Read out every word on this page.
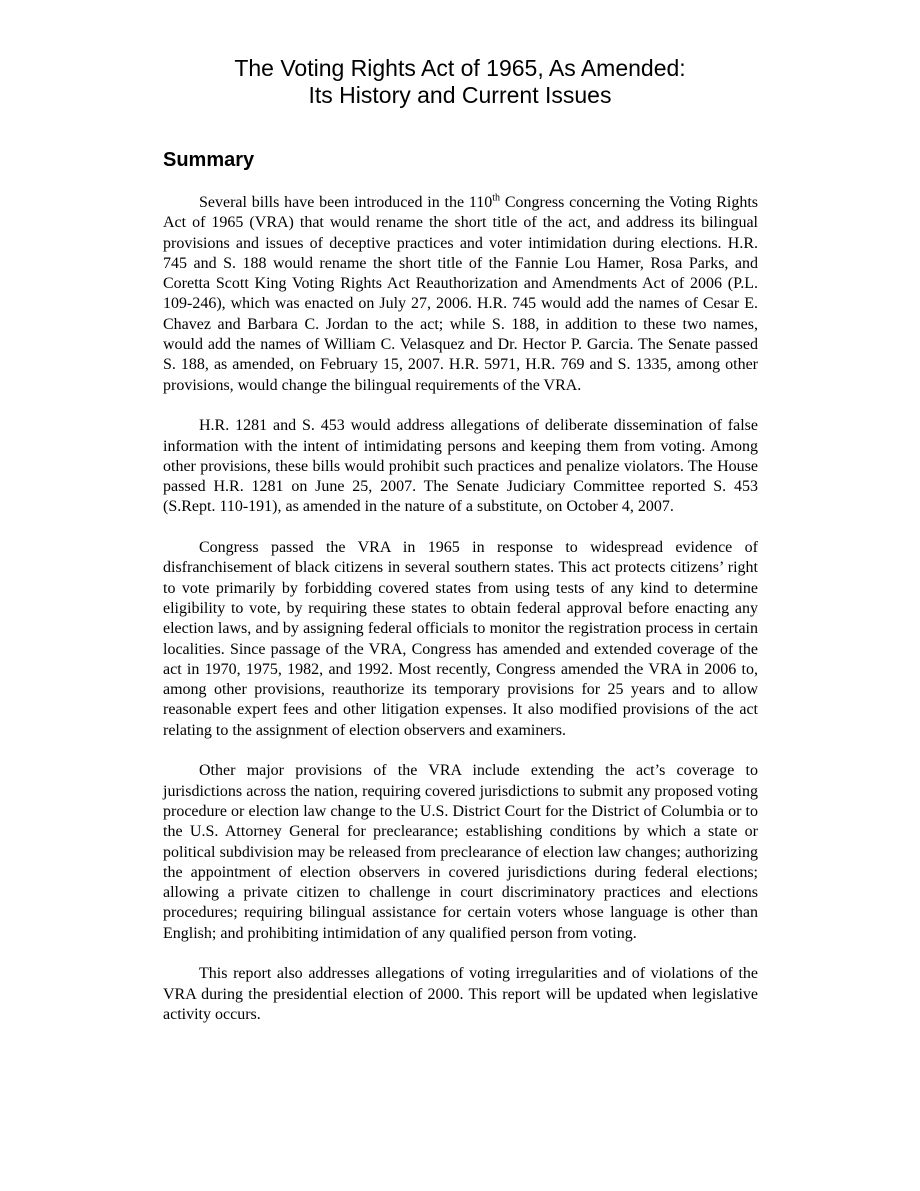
The Voting Rights Act of 1965, As Amended:
Its History and Current Issues
Summary

Several bills have been introduced in the 110th Congress concerning the Voting Rights Act of 1965 (VRA) that would rename the short title of the act, and address its bilingual provisions and issues of deceptive practices and voter intimidation during elections. H.R. 745 and S. 188 would rename the short title of the Fannie Lou Hamer, Rosa Parks, and Coretta Scott King Voting Rights Act Reauthorization and Amendments Act of 2006 (P.L. 109-246), which was enacted on July 27, 2006. H.R. 745 would add the names of Cesar E. Chavez and Barbara C. Jordan to the act; while S. 188, in addition to these two names, would add the names of William C. Velasquez and Dr. Hector P. Garcia. The Senate passed S. 188, as amended, on February 15, 2007. H.R. 5971, H.R. 769 and S. 1335, among other provisions, would change the bilingual requirements of the VRA.

H.R. 1281 and S. 453 would address allegations of deliberate dissemination of false information with the intent of intimidating persons and keeping them from voting. Among other provisions, these bills would prohibit such practices and penalize violators. The House passed H.R. 1281 on June 25, 2007. The Senate Judiciary Committee reported S. 453 (S.Rept. 110-191), as amended in the nature of a substitute, on October 4, 2007.

Congress passed the VRA in 1965 in response to widespread evidence of disfranchisement of black citizens in several southern states. This act protects citizens’ right to vote primarily by forbidding covered states from using tests of any kind to determine eligibility to vote, by requiring these states to obtain federal approval before enacting any election laws, and by assigning federal officials to monitor the registration process in certain localities. Since passage of the VRA, Congress has amended and extended coverage of the act in 1970, 1975, 1982, and 1992. Most recently, Congress amended the VRA in 2006 to, among other provisions, reauthorize its temporary provisions for 25 years and to allow reasonable expert fees and other litigation expenses. It also modified provisions of the act relating to the assignment of election observers and examiners.

Other major provisions of the VRA include extending the act’s coverage to jurisdictions across the nation, requiring covered jurisdictions to submit any proposed voting procedure or election law change to the U.S. District Court for the District of Columbia or to the U.S. Attorney General for preclearance; establishing conditions by which a state or political subdivision may be released from preclearance of election law changes; authorizing the appointment of election observers in covered jurisdictions during federal elections; allowing a private citizen to challenge in court discriminatory practices and elections procedures; requiring bilingual assistance for certain voters whose language is other than English; and prohibiting intimidation of any qualified person from voting.

This report also addresses allegations of voting irregularities and of violations of the VRA during the presidential election of 2000. This report will be updated when legislative activity occurs.
